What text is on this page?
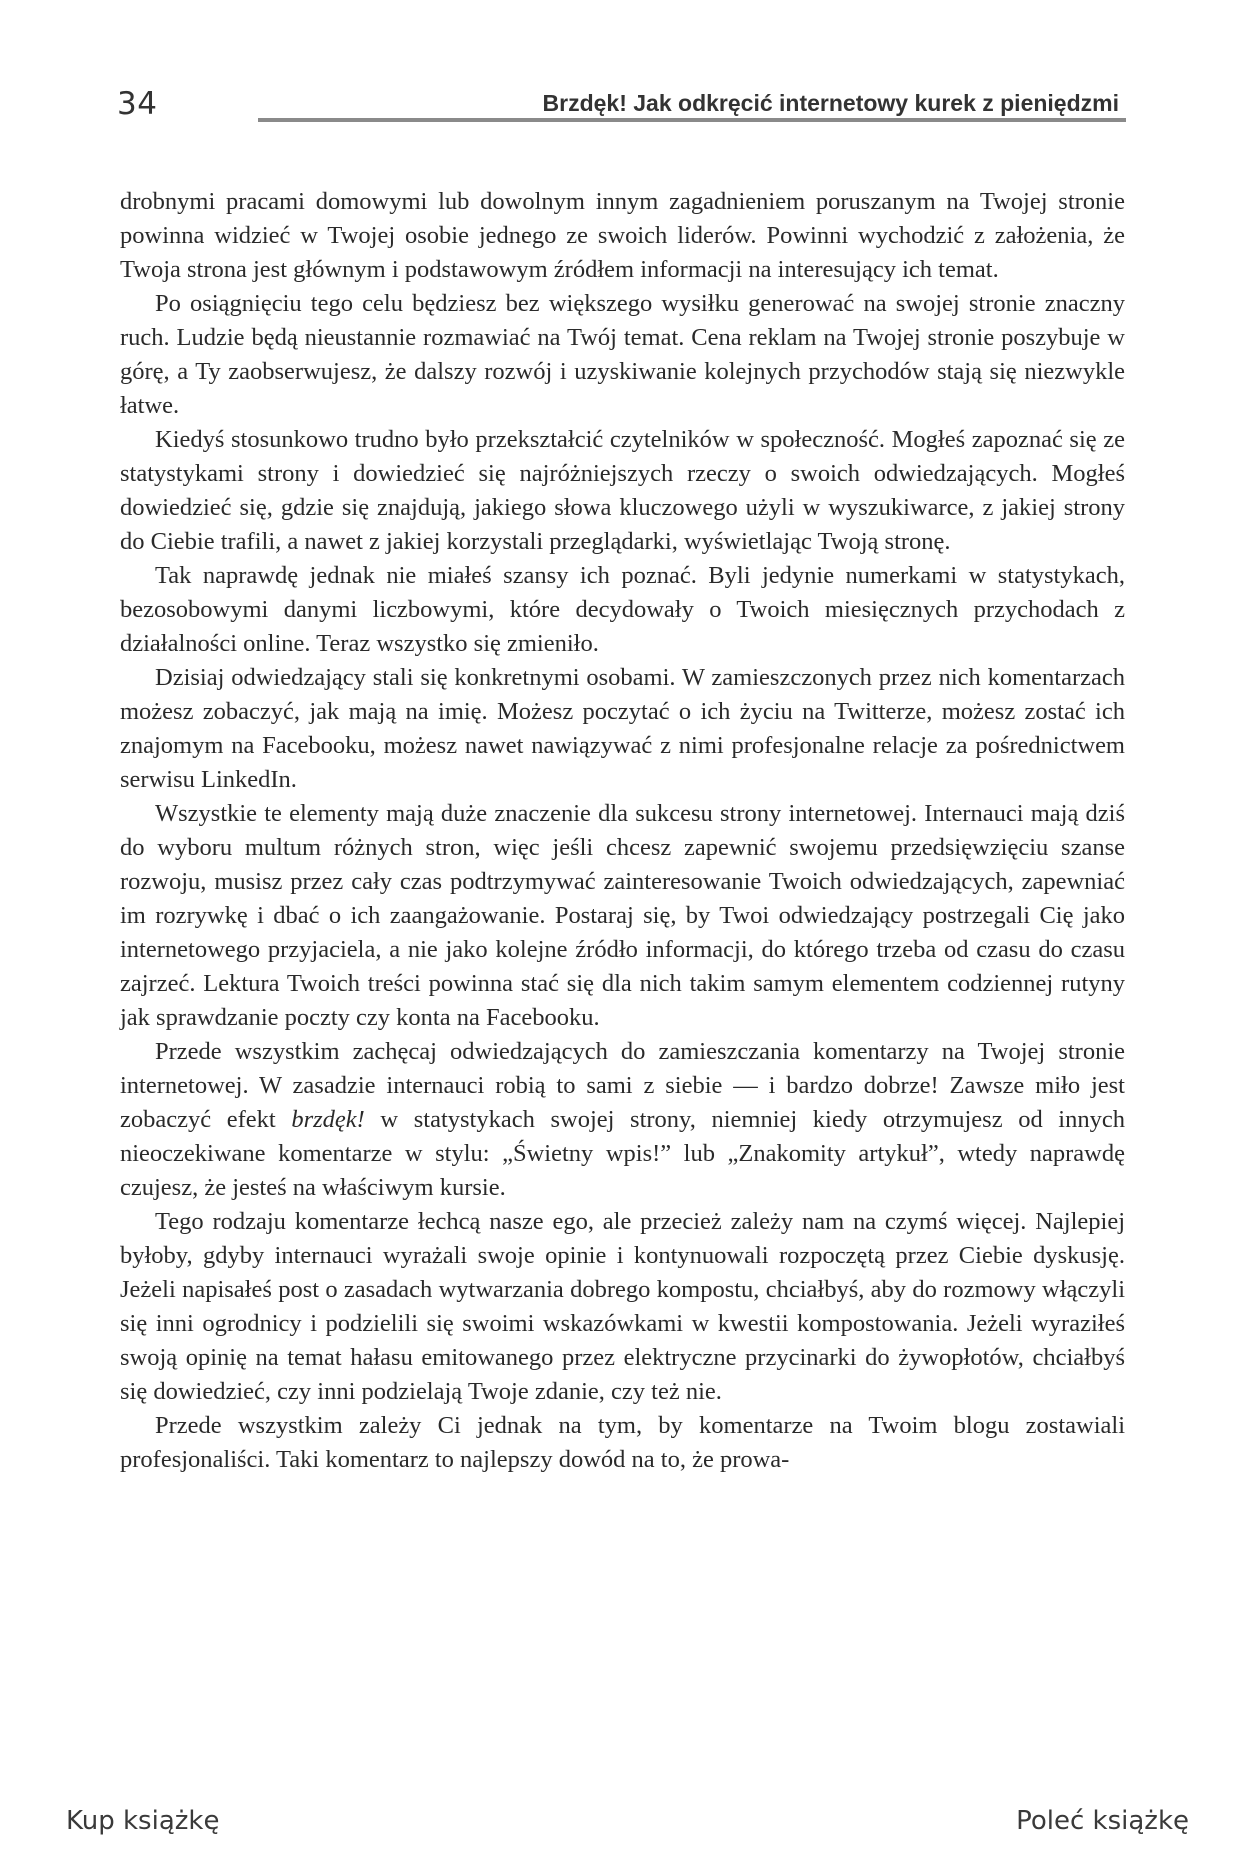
34	Brzdęk! Jak odkręcić internetowy kurek z pieniędzmi

drobnymi pracami domowymi lub dowolnym innym zagadnieniem poruszanym na Twojej stronie powinna widzieć w Twojej osobie jednego ze swoich liderów. Powinni wychodzić z założenia, że Twoja strona jest głównym i podstawowym źródłem informacji na interesujący ich temat.

Po osiągnięciu tego celu będziesz bez większego wysiłku generować na swojej stronie znaczny ruch. Ludzie będą nieustannie rozmawiać na Twój temat. Cena reklam na Twojej stronie poszybuje w górę, a Ty zaobserwujesz, że dalszy rozwój i uzyskiwanie kolejnych przychodów stają się niezwykle łatwe.

Kiedyś stosunkowo trudno było przekształcić czytelników w społeczność. Mogłeś zapoznać się ze statystykami strony i dowiedzieć się najróżniejszych rzeczy o swoich odwiedzających. Mogłeś dowiedzieć się, gdzie się znajdują, jakiego słowa kluczowego użyli w wyszukiwarce, z jakiej strony do Ciebie trafili, a nawet z jakiej korzystali przeglądarki, wyświetlając Twoją stronę.

Tak naprawdę jednak nie miałeś szansy ich poznać. Byli jedynie numerkami w statystykach, bezosobowymi danymi liczbowymi, które decydowały o Twoich miesięcznych przychodach z działalności online. Teraz wszystko się zmieniło.

Dzisiaj odwiedzający stali się konkretnymi osobami. W zamieszczonych przez nich komentarzach możesz zobaczyć, jak mają na imię. Możesz poczytać o ich życiu na Twitterze, możesz zostać ich znajomym na Facebooku, możesz nawet nawiązywać z nimi profesjonalne relacje za pośrednictwem serwisu LinkedIn.

Wszystkie te elementy mają duże znaczenie dla sukcesu strony internetowej. Internauci mają dziś do wyboru multum różnych stron, więc jeśli chcesz zapewnić swojemu przedsięwzięciu szanse rozwoju, musisz przez cały czas podtrzymywać zainteresowanie Twoich odwiedzających, zapewniać im rozrywkę i dbać o ich zaangażowanie. Postaraj się, by Twoi odwiedzający postrzegali Cię jako internetowego przyjaciela, a nie jako kolejne źródło informacji, do którego trzeba od czasu do czasu zajrzeć. Lektura Twoich treści powinna stać się dla nich takim samym elementem codziennej rutyny jak sprawdzanie poczty czy konta na Facebooku.

Przede wszystkim zachęcaj odwiedzających do zamieszczania komentarzy na Twojej stronie internetowej. W zasadzie internauci robią to sami z siebie — i bardzo dobrze! Zawsze miło jest zobaczyć efekt brzdęk! w statystykach swojej strony, niemniej kiedy otrzymujesz od innych nieoczekiwane komentarze w stylu: „Świetny wpis!” lub „Znakomity artykuł”, wtedy naprawdę czujesz, że jesteś na właściwym kursie.

Tego rodzaju komentarze łechcą nasze ego, ale przecież zależy nam na czymś więcej. Najlepiej byłoby, gdyby internauci wyrażali swoje opinie i kontynuowali rozpoczętą przez Ciebie dyskusję. Jeżeli napisałeś post o zasadach wytwarzania dobrego kompostu, chciałbyś, aby do rozmowy włączyli się inni ogrodnicy i podzielili się swoimi wskazówkami w kwestii kompostowania. Jeżeli wyraziłeś swoją opinię na temat hałasu emitowanego przez elektryczne przycinarki do żywopłotów, chciałbyś się dowiedzieć, czy inni podzielają Twoje zdanie, czy też nie.

Przede wszystkim zależy Ci jednak na tym, by komentarze na Twoim blogu zostawiali profesjonaliści. Taki komentarz to najlepszy dowód na to, że prowa-

Kup książkę	Poleć książkę
